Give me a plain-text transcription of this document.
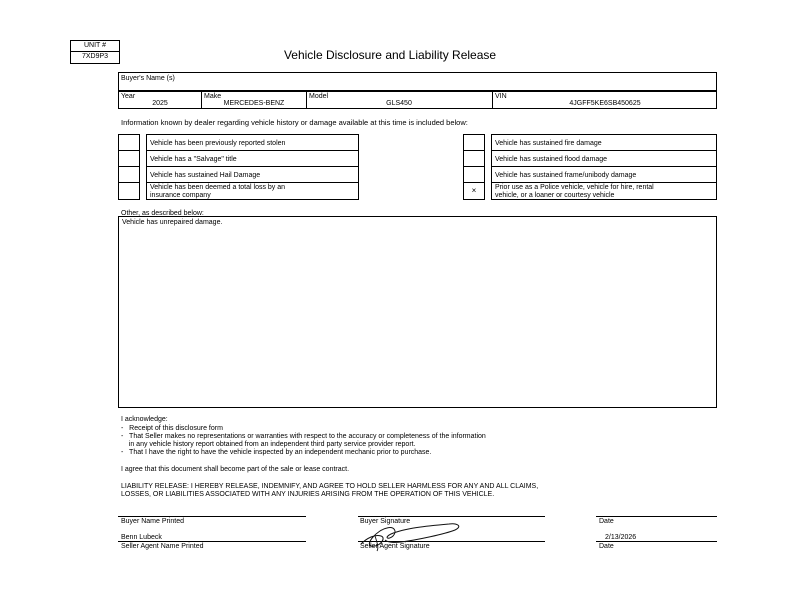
UNIT #
7XD9P3	Vehicle Disclosure and Liability Release
Buyer's Name (s)
Year
2025
Make
MERCEDES-BENZ
Model
GLS450
VIN
4JGFF5KE6SB450625
Information known by dealer regarding vehicle history or damage available at this time is included below:
Vehicle has been previously reported stolen
Vehicle has a "Salvage" title
Vehicle has sustained Hail Damage
Vehicle has been deemed a total loss by an
insurance company
Vehicle has sustained fire damage
Vehicle has sustained flood damage
Vehicle has sustained frame/unibody damage
×	Prior use as a Police vehicle, vehicle for hire, rental
vehicle, or a loaner or courtesy vehicle
Other, as described below:
Vehicle has unrepaired damage.
I acknowledge:
-   Receipt of this disclosure form
-   That Seller makes no representations or warranties with respect to the accuracy or completeness of the information
in any vehicle history report obtained from an independent third party service provider report.
-   That I have the right to have the vehicle inspected by an independent mechanic prior to purchase.
I agree that this document shall become part of the sale or lease contract.
LIABILITY RELEASE: I HEREBY RELEASE, INDEMNIFY, AND AGREE TO HOLD SELLER HARMLESS FOR ANY AND ALL CLAIMS,
LOSSES, OR LIABILITIES ASSOCIATED WITH ANY INJURIES ARISING FROM THE OPERATION OF THIS VEHICLE.
Buyer Name Printed	Buyer Signature	Date
Benn Lubeck	2/13/2026
Seller Agent Name Printed	Seller Agent Signature	Date
